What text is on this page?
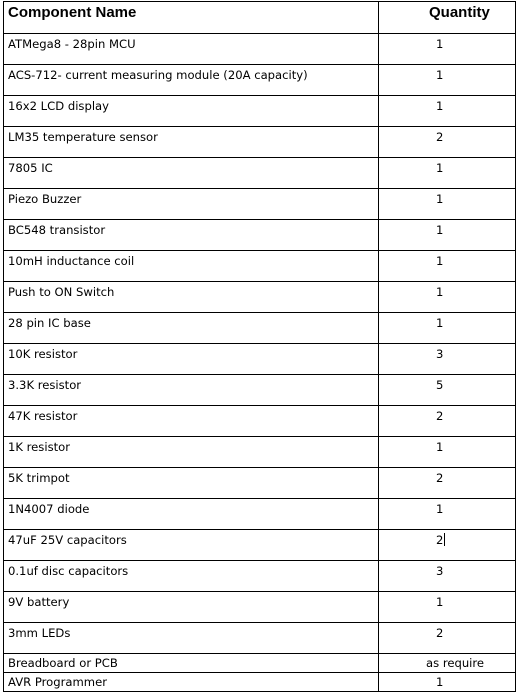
Component Name	Quantity
ATMega8 - 28pin MCU	1
ACS-712- current measuring module (20A capacity)	1
16x2 LCD display	1
LM35 temperature sensor	2
7805 IC	1
Piezo Buzzer	1
BC548 transistor	1
10mH inductance coil	1
Push to ON Switch	1
28 pin IC base	1
10K resistor	3
3.3K resistor	5
47K resistor	2
1K resistor	1
5K trimpot	2
1N4007 diode	1
47uF 25V capacitors	2
0.1uf disc capacitors	3
9V battery	1
3mm LEDs	2
Breadboard or PCB	as require
AVR Programmer	1
